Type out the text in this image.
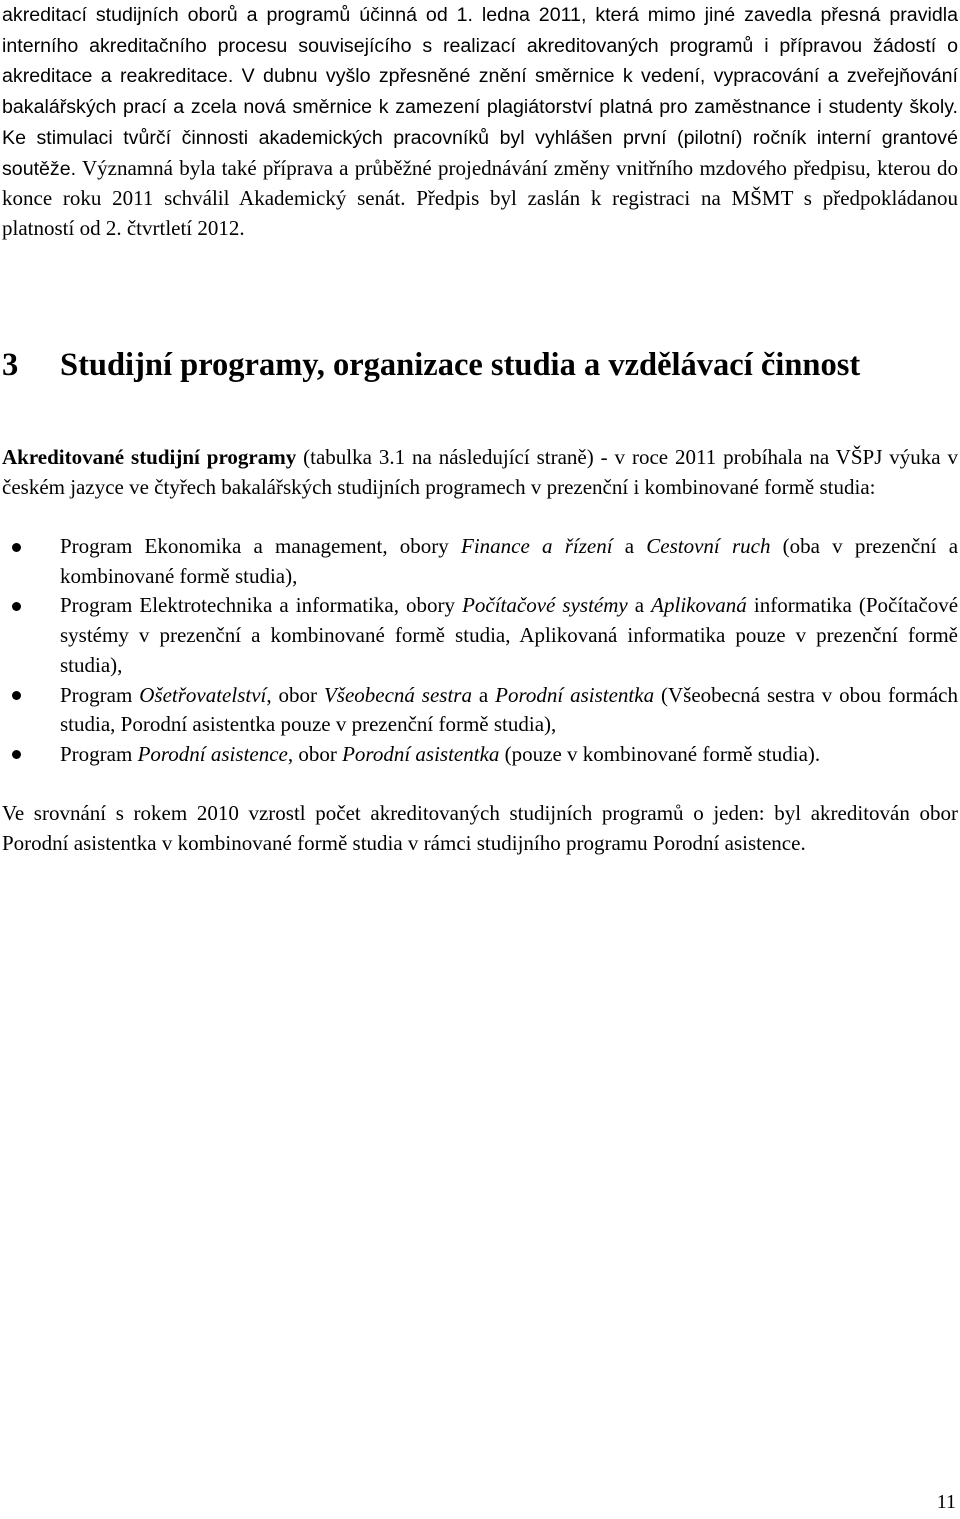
akreditací studijních oborů a programů účinná od 1. ledna 2011, která mimo jiné zavedla přesná pravidla interního akreditačního procesu souvisejícího s realizací akreditovaných programů i přípravou žádostí o akreditace a reakreditace. V dubnu vyšlo zpřesněné znění směrnice k vedení, vypracování a zveřejňování bakalářských prací a zcela nová směrnice k zamezení plagiátorství platná pro zaměstnance i studenty školy. Ke stimulaci tvůrčí činnosti akademických pracovníků byl vyhlášen první (pilotní) ročník interní grantové soutěže. Významná byla také příprava a průběžné projednávání změny vnitřního mzdového předpisu, kterou do konce roku 2011 schválil Akademický senát. Předpis byl zaslán k registraci na MŠMT s předpokládanou platností od 2. čtvrtletí 2012.

3 Studijní programy, organizace studia a vzdělávací činnost

Akreditované studijní programy (tabulka 3.1 na následující straně) - v roce 2011 probíhala na VŠPJ výuka v českém jazyce ve čtyřech bakalářských studijních programech v prezenční i kombinované formě studia:

Program Ekonomika a management, obory Finance a řízení a Cestovní ruch (oba v prezenční a kombinované formě studia),
Program Elektrotechnika a informatika, obory Počítačové systémy a Aplikovaná informatika (Počítačové systémy v prezenční a kombinované formě studia, Aplikovaná informatika pouze v prezenční formě studia),
Program Ošetřovatelství, obor Všeobecná sestra a Porodní asistentka (Všeobecná sestra v obou formách studia, Porodní asistentka pouze v prezenční formě studia),
Program Porodní asistence, obor Porodní asistentka (pouze v kombinované formě studia).

Ve srovnání s rokem 2010 vzrostl počet akreditovaných studijních programů o jeden: byl akreditován obor Porodní asistentka v kombinované formě studia v rámci studijního programu Porodní asistence.

11
